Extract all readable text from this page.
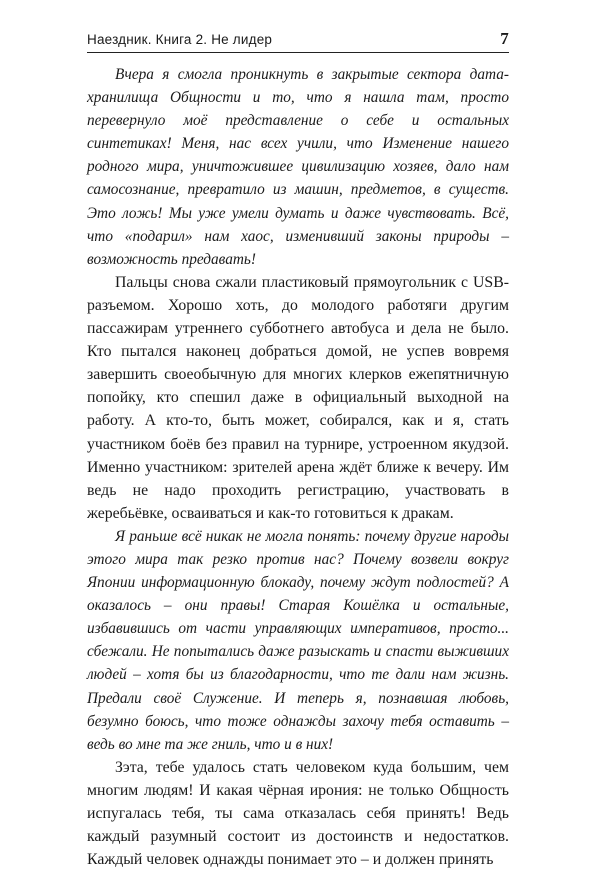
Наездник. Книга 2. Не лидер	7

Вчера я смогла проникнуть в закрытые сектора дата-хранилища Общности и то, что я нашла там, просто перевернуло моё представление о себе и остальных синтетиках! Меня, нас всех учили, что Изменение нашего родного мира, уничтожившее цивилизацию хозяев, дало нам самосознание, превратило из машин, предметов, в существ. Это ложь! Мы уже умели думать и даже чувствовать. Всё, что «подарил» нам хаос, изменивший законы природы – возможность предавать!

Пальцы снова сжали пластиковый прямоугольник с USB-разъемом. Хорошо хоть, до молодого работяги другим пассажирам утреннего субботнего автобуса и дела не было. Кто пытался наконец добраться домой, не успев вовремя завершить своеобычную для многих клерков ежепятничную попойку, кто спешил даже в официальный выходной на работу. А кто-то, быть может, собирался, как и я, стать участником боёв без правил на турнире, устроенном якудзой. Именно участником: зрителей арена ждёт ближе к вечеру. Им ведь не надо проходить регистрацию, участвовать в жеребьёвке, осваиваться и как-то готовиться к дракам.

Я раньше всё никак не могла понять: почему другие народы этого мира так резко против нас? Почему возвели вокруг Японии информационную блокаду, почему ждут подлостей? А оказалось – они правы! Старая Кошёлка и остальные, избавившись от части управляющих императивов, просто... сбежали. Не попытались даже разыскать и спасти выживших людей – хотя бы из благодарности, что те дали нам жизнь. Предали своё Служение. И теперь я, познавшая любовь, безумно боюсь, что тоже однажды захочу тебя оставить – ведь во мне та же гниль, что и в них!

Зэта, тебе удалось стать человеком куда большим, чем многим людям! И какая чёрная ирония: не только Общность испугалась тебя, ты сама отказалась себя принять! Ведь каждый разумный состоит из достоинств и недостатков. Каждый человек однажды понимает это – и должен принять
